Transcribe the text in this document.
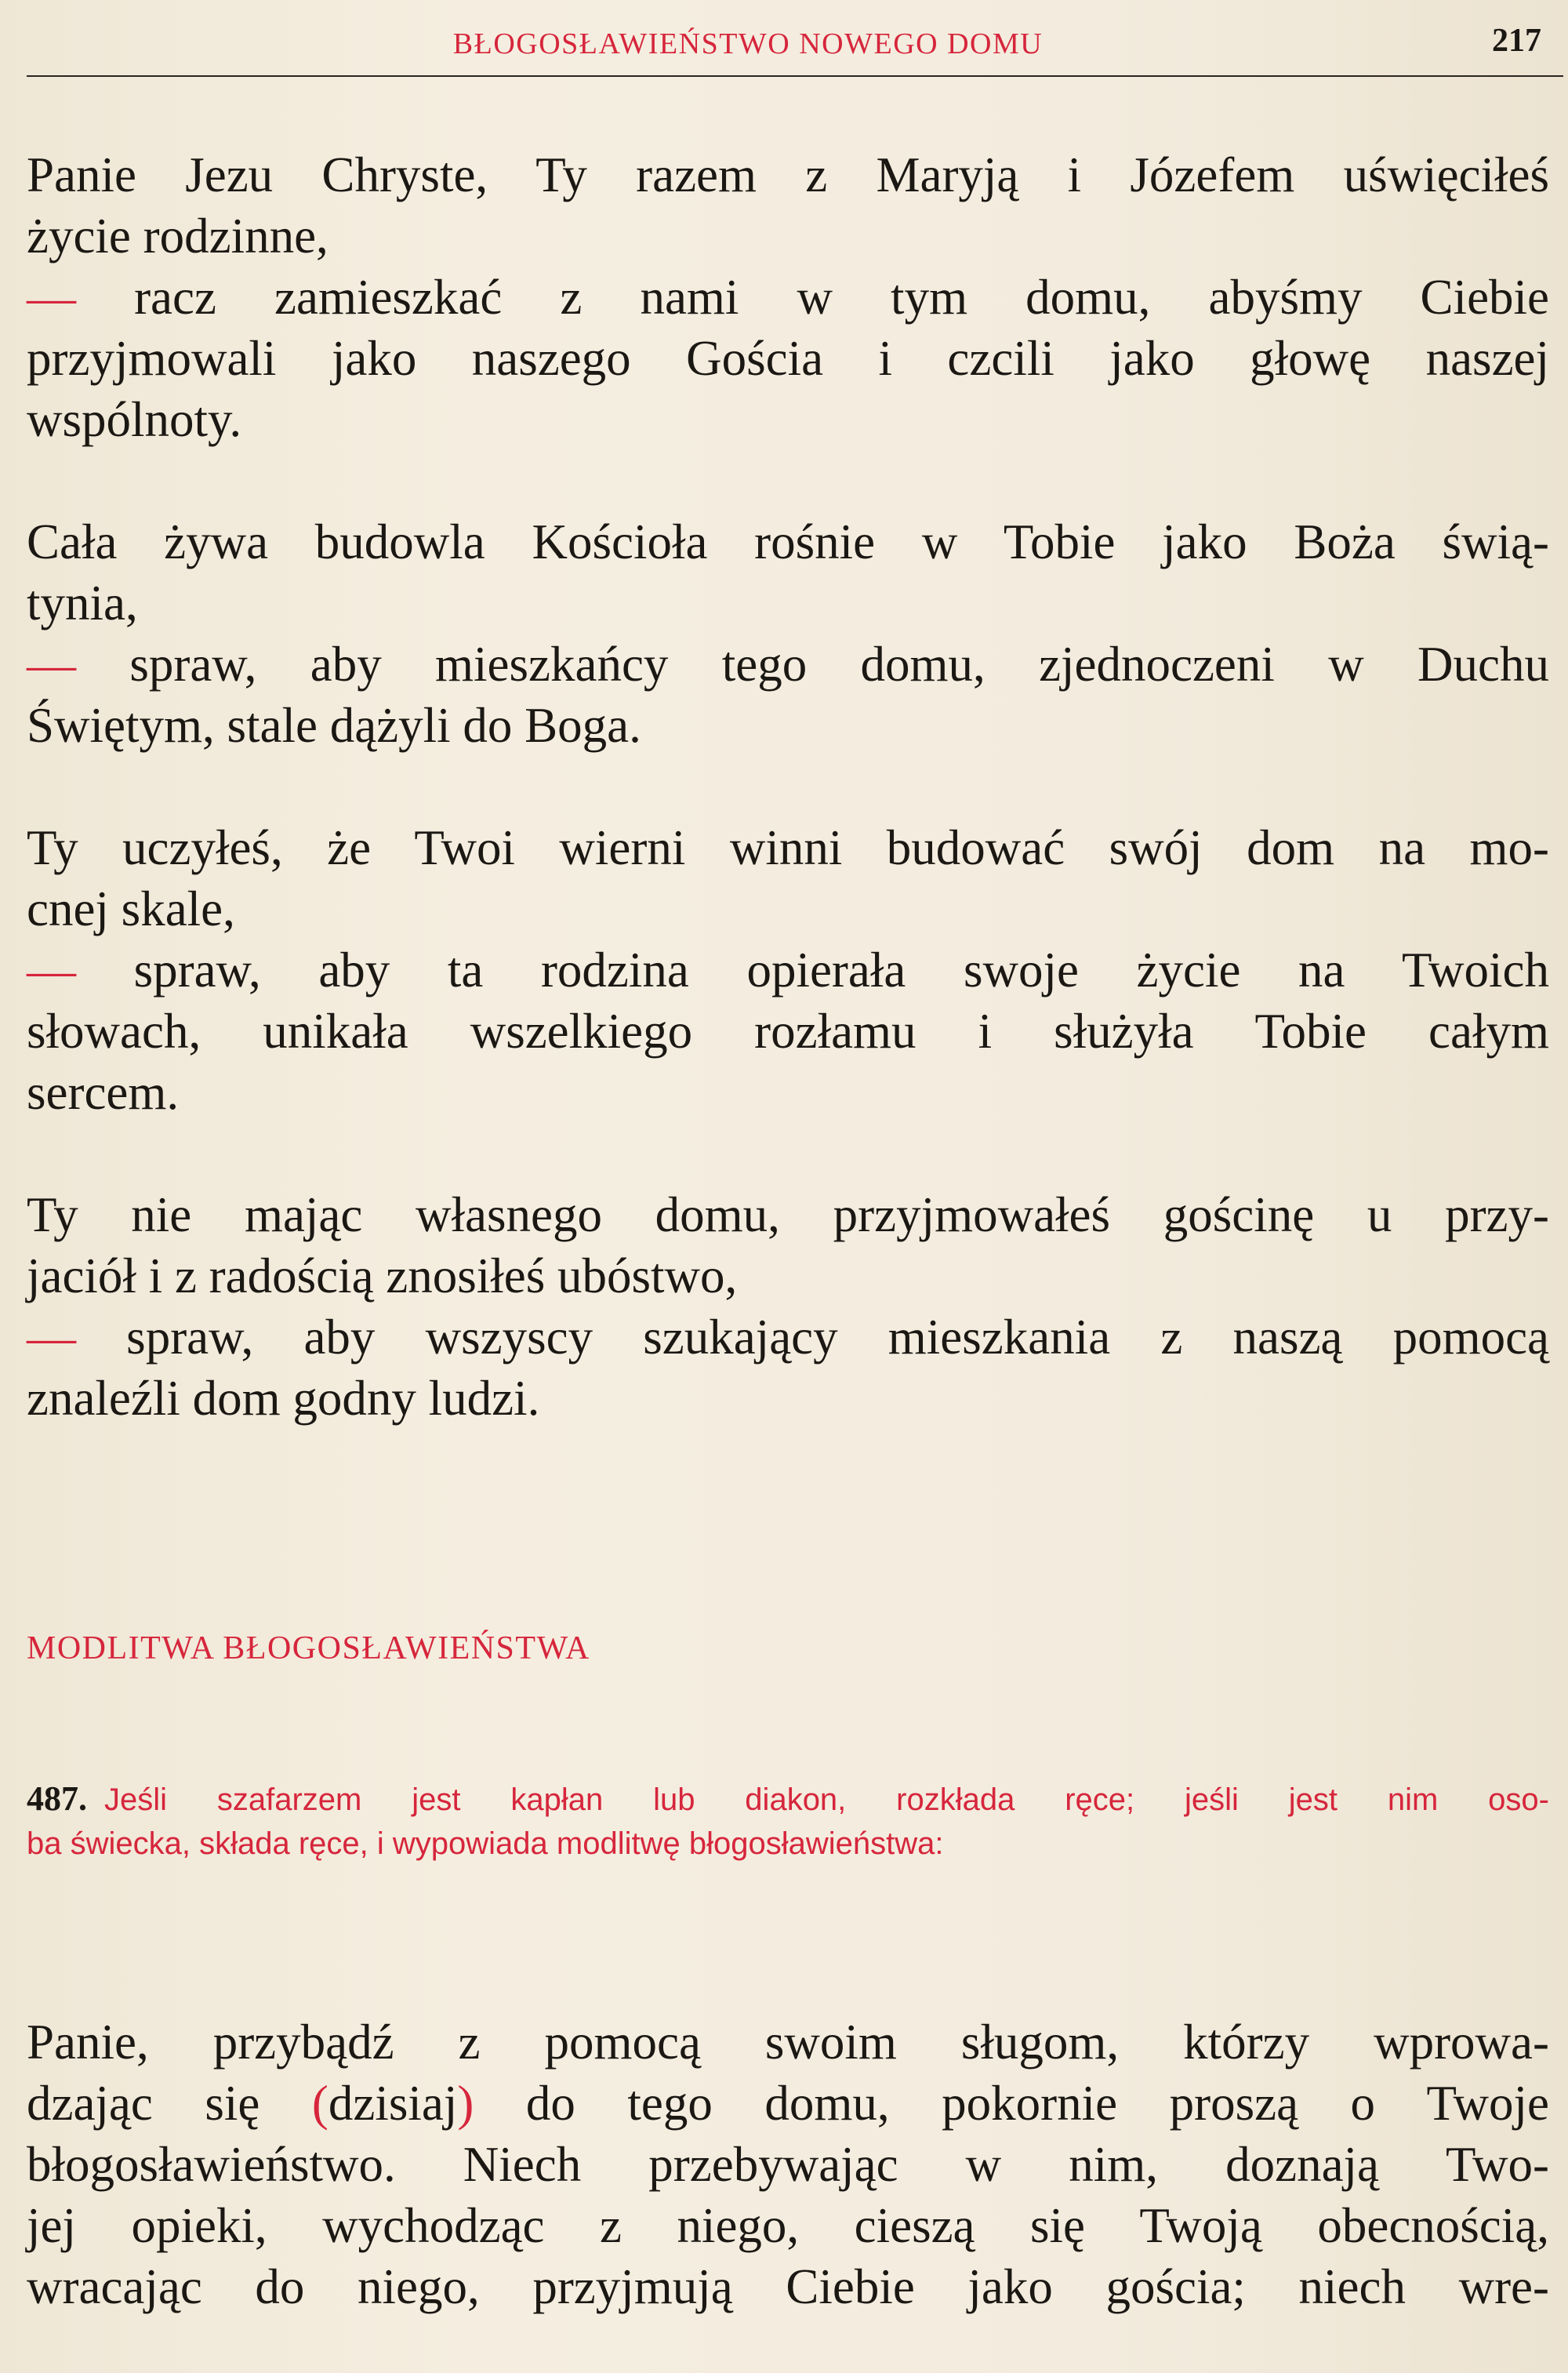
BŁOGOSŁAWIEŃSTWO NOWEGO DOMU	217
Panie Jezu Chryste, Ty razem z Maryją i Józefem uświęciłeś
życie rodzinne,
— racz zamieszkać z nami w tym domu, abyśmy Ciebie
przyjmowali jako naszego Gościa i czcili jako głowę naszej
wspólnoty.
Cała żywa budowla Kościoła rośnie w Tobie jako Boża świą-
tynia,
— spraw, aby mieszkańcy tego domu, zjednoczeni w Duchu
Świętym, stale dążyli do Boga.
Ty uczyłeś, że Twoi wierni winni budować swój dom na mo-
cnej skale,
— spraw, aby ta rodzina opierała swoje życie na Twoich
słowach, unikała wszelkiego rozłamu i służyła Tobie całym
sercem.
Ty nie mając własnego domu, przyjmowałeś gościnę u przy-
jaciół i z radością znosiłeś ubóstwo,
— spraw, aby wszyscy szukający mieszkania z naszą pomocą
znaleźli dom godny ludzi.
MODLITWA BŁOGOSŁAWIEŃSTWA
487. Jeśli szafarzem jest kapłan lub diakon, rozkłada ręce; jeśli jest nim oso-
ba świecka, składa ręce, i wypowiada modlitwę błogosławieństwa:
Panie, przybądź z pomocą swoim sługom, którzy wprowa-
dzając się (dzisiaj) do tego domu, pokornie proszą o Twoje
błogosławieństwo. Niech przebywając w nim, doznają Two-
jej opieki, wychodząc z niego, cieszą się Twoją obecnością,
wracając do niego, przyjmują Ciebie jako gościa; niech wre-
